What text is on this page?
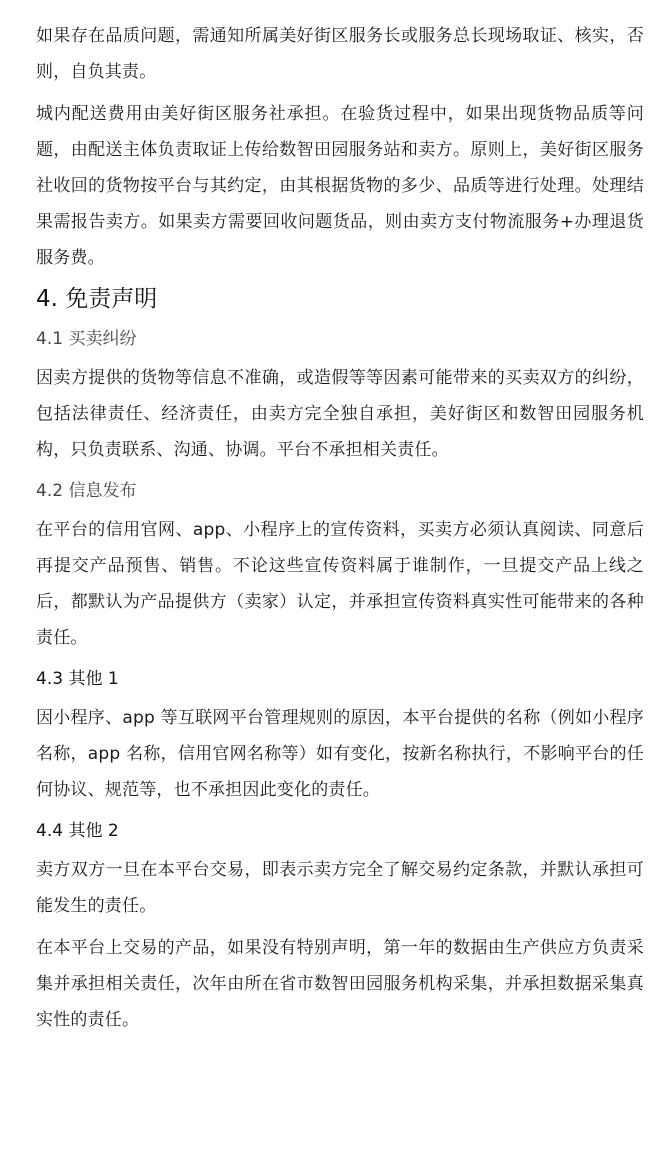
如果存在品质问题，需通知所属美好街区服务长或服务总长现场取证、核实，否则，自负其责。

城内配送费用由美好街区服务社承担。在验货过程中，如果出现货物品质等问题，由配送主体负责取证上传给数智田园服务站和卖方。原则上，美好街区服务社收回的货物按平台与其约定，由其根据货物的多少、品质等进行处理。处理结果需报告卖方。如果卖方需要回收问题货品，则由卖方支付物流服务+办理退货服务费。

4. 免责声明
4.1 买卖纠纷

因卖方提供的货物等信息不准确，或造假等等因素可能带来的买卖双方的纠纷，包括法律责任、经济责任，由卖方完全独自承担，美好街区和数智田园服务机构，只负责联系、沟通、协调。平台不承担相关责任。

4.2 信息发布

在平台的信用官网、app、小程序上的宣传资料，买卖方必须认真阅读、同意后再提交产品预售、销售。不论这些宣传资料属于谁制作，一旦提交产品上线之后，都默认为产品提供方（卖家）认定，并承担宣传资料真实性可能带来的各种责任。

4.3 其他 1

因小程序、app 等互联网平台管理规则的原因，本平台提供的名称（例如小程序名称，app 名称，信用官网名称等）如有变化，按新名称执行，不影响平台的任何协议、规范等，也不承担因此变化的责任。

4.4 其他 2

卖方双方一旦在本平台交易，即表示卖方完全了解交易约定条款，并默认承担可能发生的责任。

在本平台上交易的产品，如果没有特别声明，第一年的数据由生产供应方负责采集并承担相关责任，次年由所在省市数智田园服务机构采集，并承担数据采集真实性的责任。
